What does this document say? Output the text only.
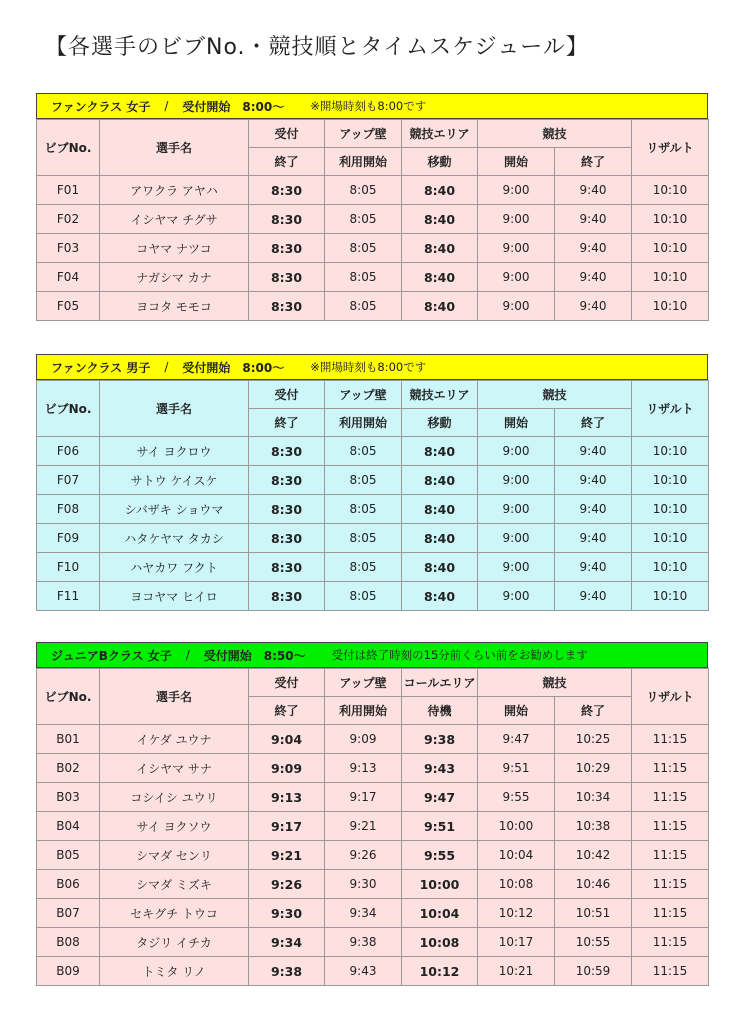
【各選手のビブNo.・競技順とタイムスケジュール】
ファンクラス 女子 / 受付開始　8:00～ ※開場時刻も8:00です
ビブNo.	選手名	受付	アップ壁	競技エリア	競技		リザルト
		終了	利用開始	移動	開始	終了	
F01	アワクラ アヤハ	8:30	8:05	8:40	9:00	9:40	10:10
F02	イシヤマ チグサ	8:30	8:05	8:40	9:00	9:40	10:10
F03	コヤマ ナツコ	8:30	8:05	8:40	9:00	9:40	10:10
F04	ナガシマ カナ	8:30	8:05	8:40	9:00	9:40	10:10
F05	ヨコタ モモコ	8:30	8:05	8:40	9:00	9:40	10:10
ファンクラス 男子 / 受付開始　8:00～ ※開場時刻も8:00です
ビブNo.	選手名	受付	アップ壁	競技エリア	競技		リザルト
		終了	利用開始	移動	開始	終了	
F06	サイ ヨクロウ	8:30	8:05	8:40	9:00	9:40	10:10
F07	サトウ ケイスケ	8:30	8:05	8:40	9:00	9:40	10:10
F08	シバザキ ショウマ	8:30	8:05	8:40	9:00	9:40	10:10
F09	ハタケヤマ タカシ	8:30	8:05	8:40	9:00	9:40	10:10
F10	ハヤカワ フクト	8:30	8:05	8:40	9:00	9:40	10:10
F11	ヨコヤマ ヒイロ	8:30	8:05	8:40	9:00	9:40	10:10
ジュニアBクラス 女子 / 受付開始　8:50～ 受付は終了時刻の15分前くらい前をお勧めします
ビブNo.	選手名	受付	アップ壁	コールエリア	競技		リザルト
		終了	利用開始	待機	開始	終了	
B01	イケダ ユウナ	9:04	9:09	9:38	9:47	10:25	11:15
B02	イシヤマ サナ	9:09	9:13	9:43	9:51	10:29	11:15
B03	コシイシ ユウリ	9:13	9:17	9:47	9:55	10:34	11:15
B04	サイ ヨクソウ	9:17	9:21	9:51	10:00	10:38	11:15
B05	シマダ センリ	9:21	9:26	9:55	10:04	10:42	11:15
B06	シマダ ミズキ	9:26	9:30	10:00	10:08	10:46	11:15
B07	セキグチ トウコ	9:30	9:34	10:04	10:12	10:51	11:15
B08	タジリ イチカ	9:34	9:38	10:08	10:17	10:55	11:15
B09	トミタ リノ	9:38	9:43	10:12	10:21	10:59	11:15
